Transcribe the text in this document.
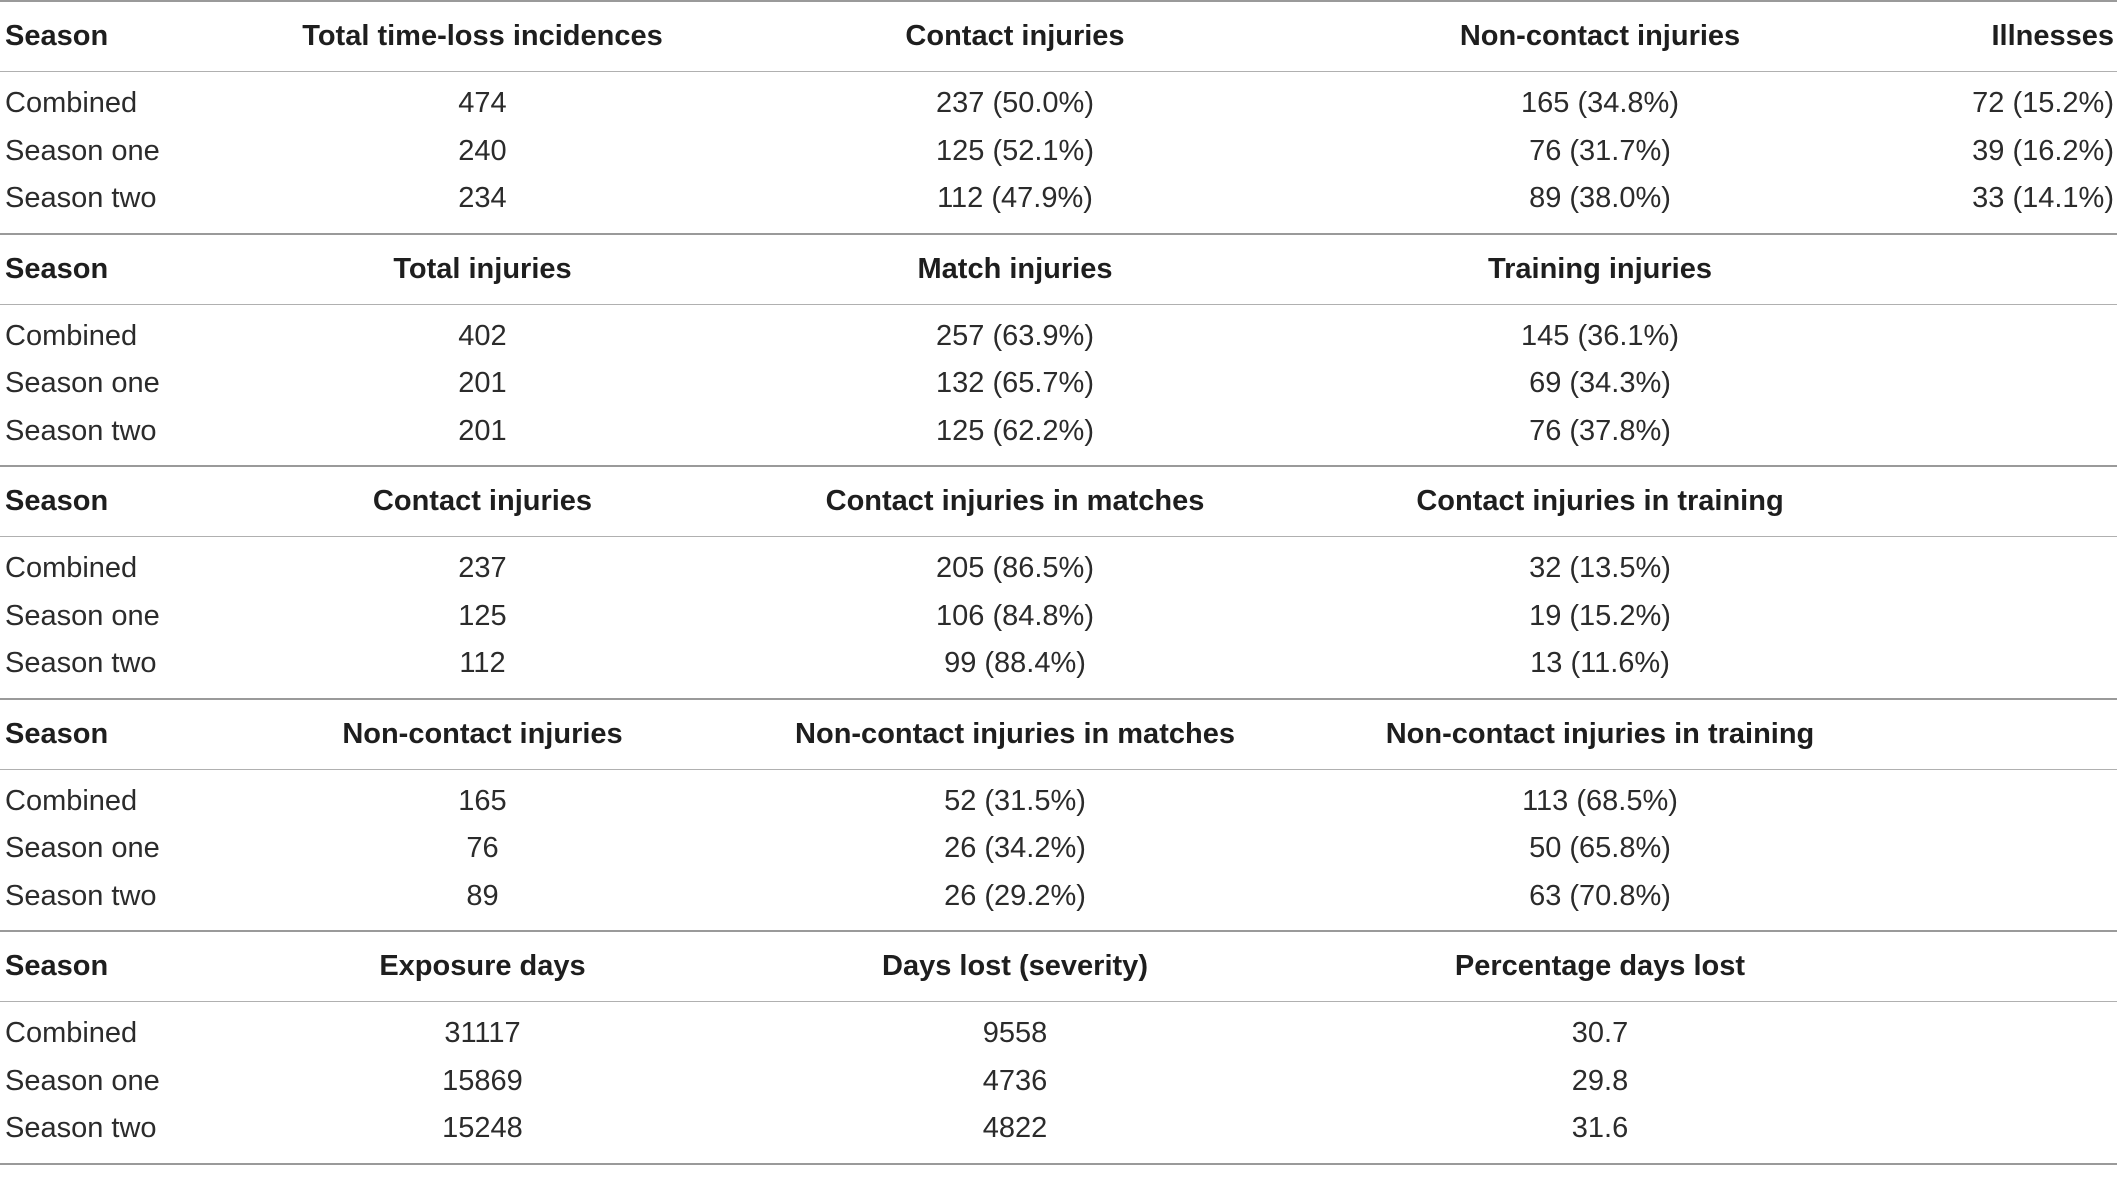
Season	Total time-loss incidences	Contact injuries	Non-contact injuries	Illnesses
Combined	474	237 (50.0%)	165 (34.8%)	72 (15.2%)
Season one	240	125 (52.1%)	76 (31.7%)	39 (16.2%)
Season two	234	112 (47.9%)	89 (38.0%)	33 (14.1%)
Season	Total injuries	Match injuries	Training injuries	
Combined	402	257 (63.9%)	145 (36.1%)	
Season one	201	132 (65.7%)	69 (34.3%)	
Season two	201	125 (62.2%)	76 (37.8%)	
Season	Contact injuries	Contact injuries in matches	Contact injuries in training	
Combined	237	205 (86.5%)	32 (13.5%)	
Season one	125	106 (84.8%)	19 (15.2%)	
Season two	112	99 (88.4%)	13 (11.6%)	
Season	Non-contact injuries	Non-contact injuries in matches	Non-contact injuries in training	
Combined	165	52 (31.5%)	113 (68.5%)	
Season one	76	26 (34.2%)	50 (65.8%)	
Season two	89	26 (29.2%)	63 (70.8%)	
Season	Exposure days	Days lost (severity)	Percentage days lost	
Combined	31117	9558	30.7	
Season one	15869	4736	29.8	
Season two	15248	4822	31.6	
